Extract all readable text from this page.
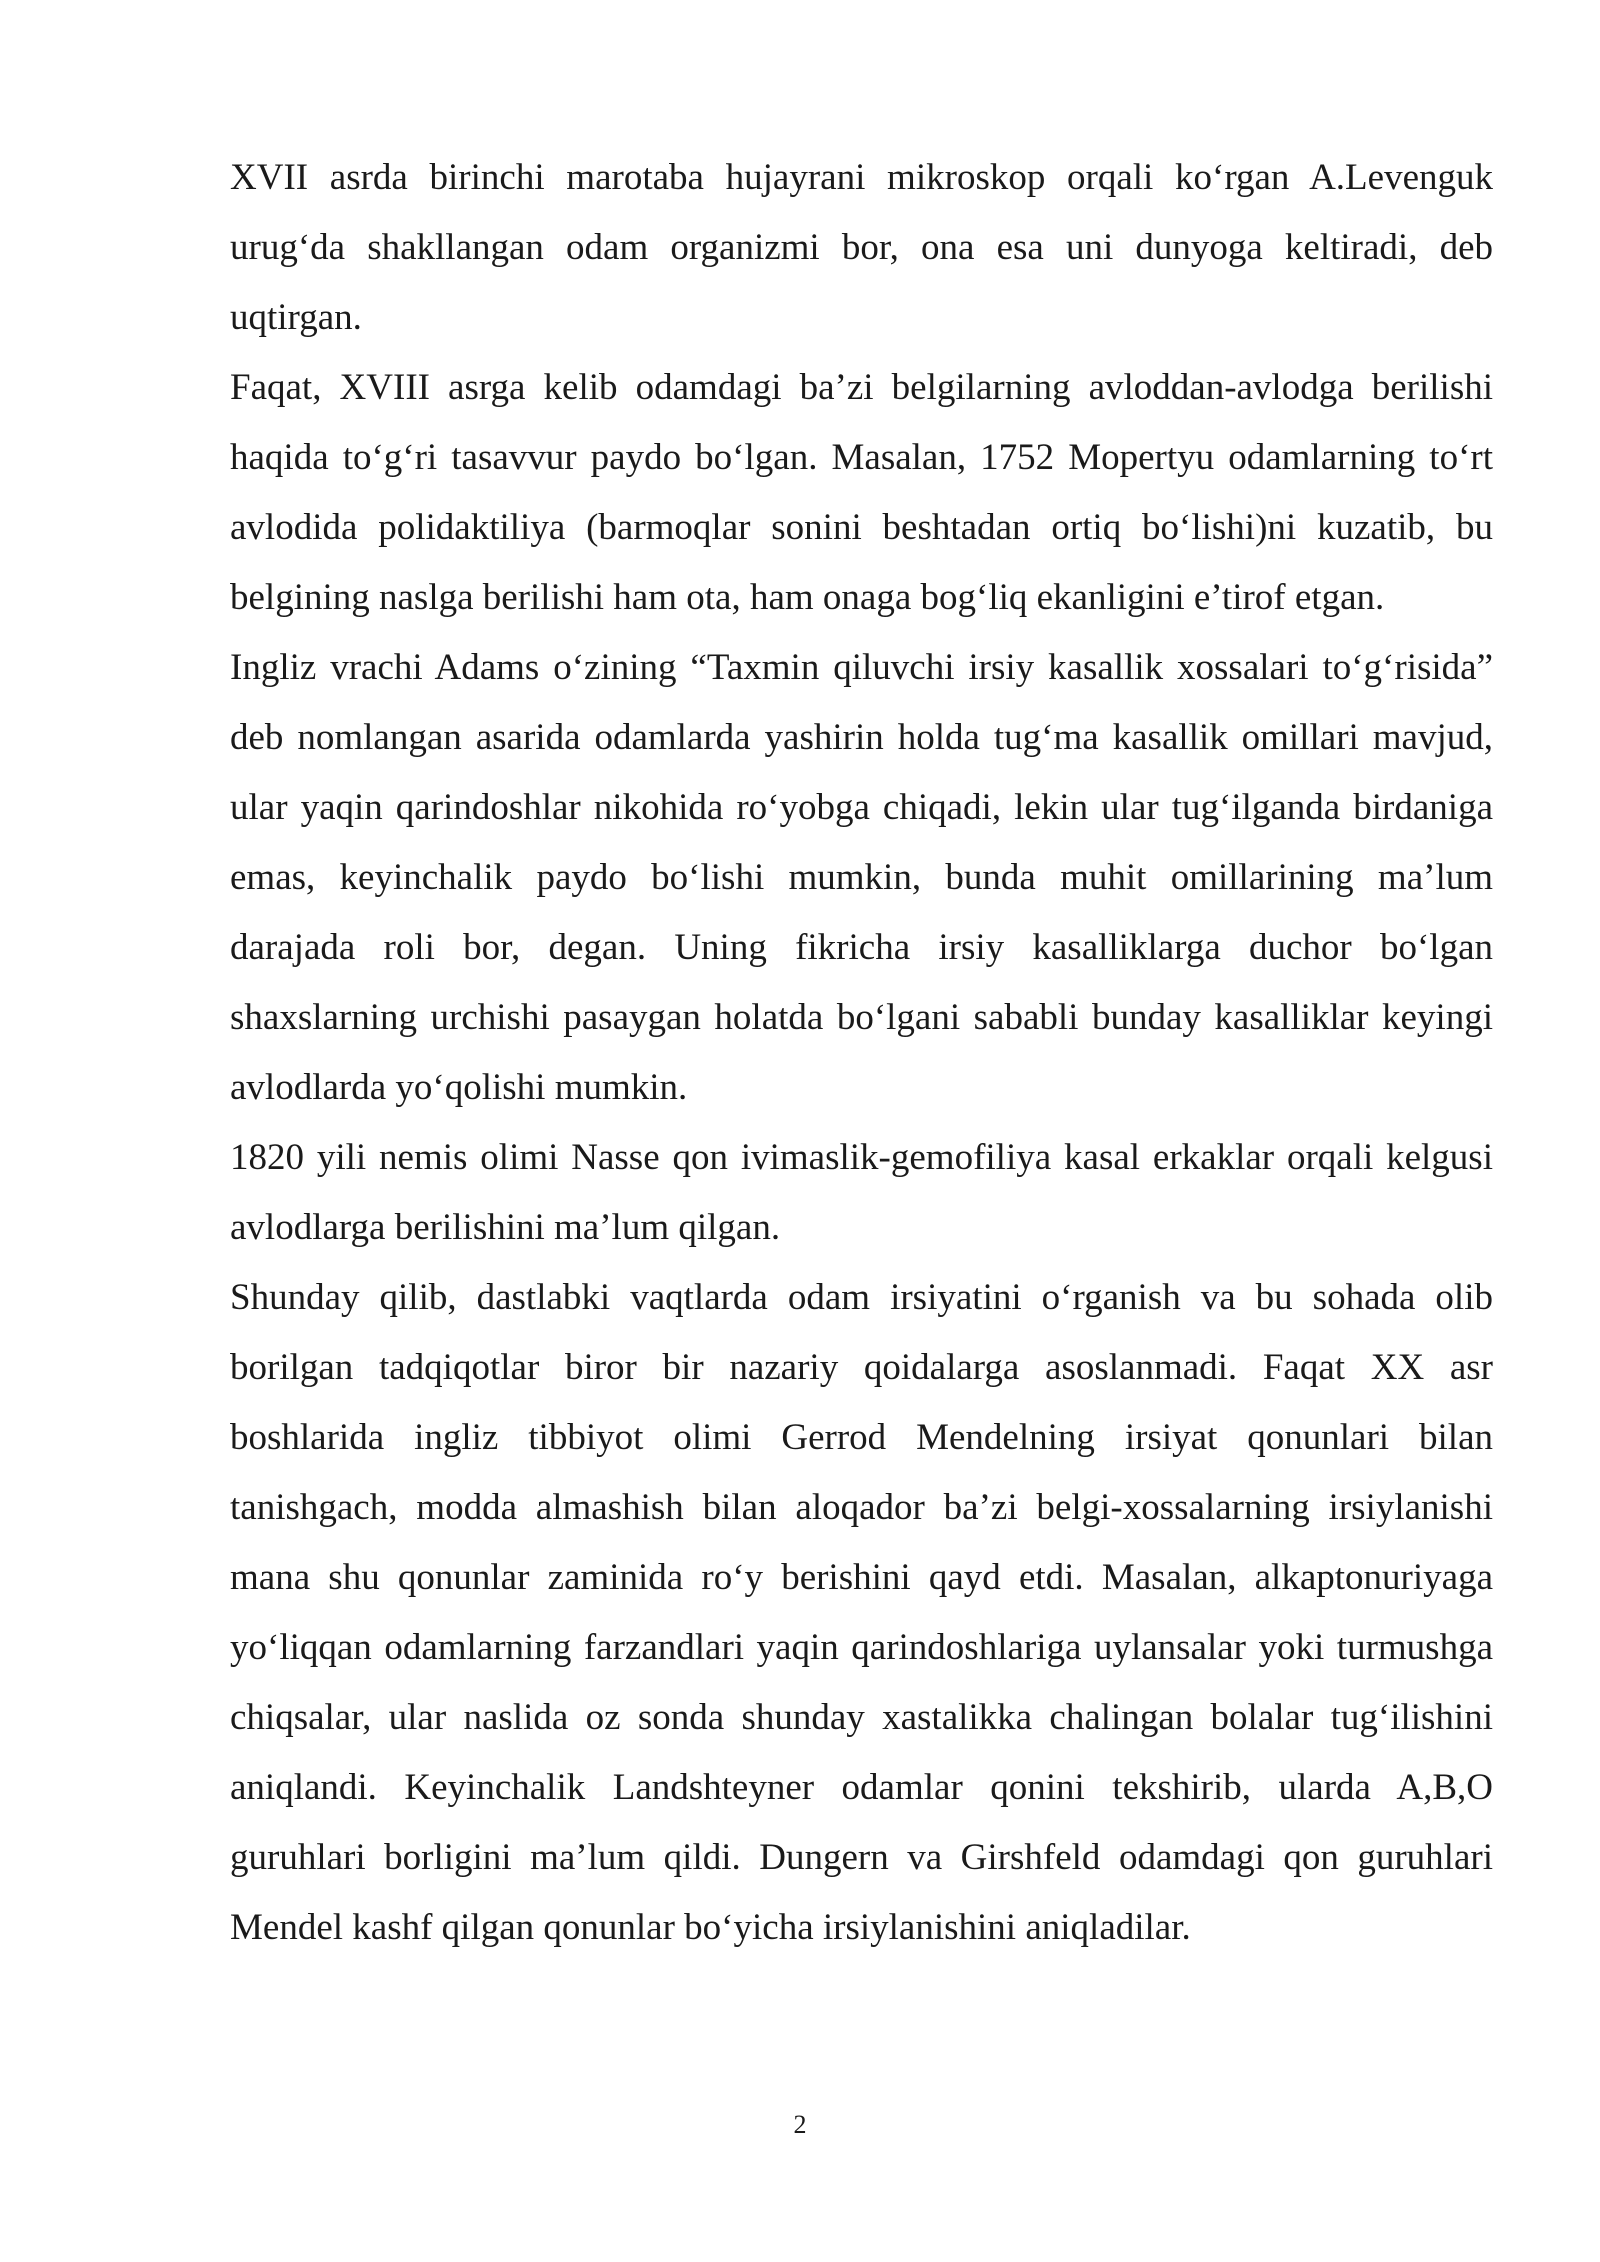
XVII asrda birinchi marotaba hujayrani mikroskop orqali ko‘rgan A.Levenguk urug‘da shakllangan odam organizmi bor, ona esa uni dunyoga keltiradi, deb uqtirgan.

Faqat, XVIII asrga kelib odamdagi ba’zi belgilarning avloddan-avlodga berilishi haqida to‘g‘ri tasavvur paydo bo‘lgan. Masalan, 1752 Mopertyu odamlarning to‘rt avlodida polidaktiliya (barmoqlar sonini beshtadan ortiq bo‘lishi)ni kuzatib, bu belgining naslga berilishi ham ota, ham onaga bog‘liq ekanligini e’tirof etgan.

Ingliz vrachi Adams o‘zining “Taxmin qiluvchi irsiy kasallik xossalari to‘g‘risida” deb nomlangan asarida odamlarda yashirin holda tug‘ma kasallik omillari mavjud, ular yaqin qarindoshlar nikohida ro‘yobga chiqadi, lekin ular tug‘ilganda birdaniga emas, keyinchalik paydo bo‘lishi mumkin, bunda muhit omillarining ma’lum darajada roli bor, degan. Uning fikricha irsiy kasalliklarga duchor bo‘lgan shaxslarning urchishi pasaygan holatda bo‘lgani sababli bunday kasalliklar keyingi avlodlarda yo‘qolishi mumkin.

1820 yili nemis olimi Nasse qon ivimaslik-gemofiliya kasal erkaklar orqali kelgusi avlodlarga berilishini ma’lum qilgan.

Shunday qilib, dastlabki vaqtlarda odam irsiyatini o‘rganish va bu sohada olib borilgan tadqiqotlar biror bir nazariy qoidalarga asoslanmadi. Faqat XX asr boshlarida ingliz tibbiyot olimi Gerrod Mendelning irsiyat qonunlari bilan tanishgach, modda almashish bilan aloqador ba’zi belgi-xossalarning irsiylanishi mana shu qonunlar zaminida ro‘y berishini qayd etdi. Masalan, alkaptonuriyaga yo‘liqqan odamlarning farzandlari yaqin qarindoshlariga uylansalar yoki turmushga chiqsalar, ular naslida oz sonda shunday xastalikka chalingan bolalar tug‘ilishini aniqlandi. Keyinchalik Landshteyner odamlar qonini tekshirib, ularda A,B,O guruhlari borligini ma’lum qildi. Dungern va Girshfeld odamdagi qon guruhlari Mendel kashf qilgan qonunlar bo‘yicha irsiylanishini aniqladilar.

2
